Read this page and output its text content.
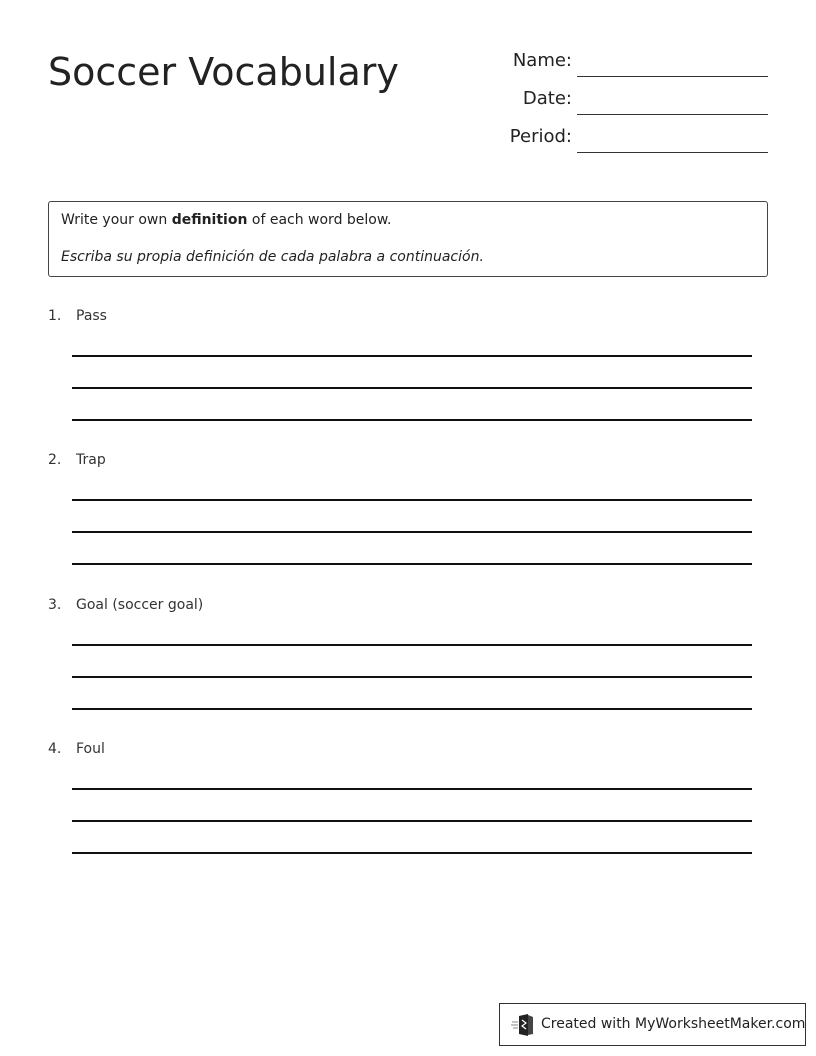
Soccer Vocabulary	Name:
Date:
Period:
Write your own definition of each word below.
Escriba su propia definición de cada palabra a continuación.
1. Pass
2. Trap
3. Goal (soccer goal)
4. Foul
Created with MyWorksheetMaker.com
